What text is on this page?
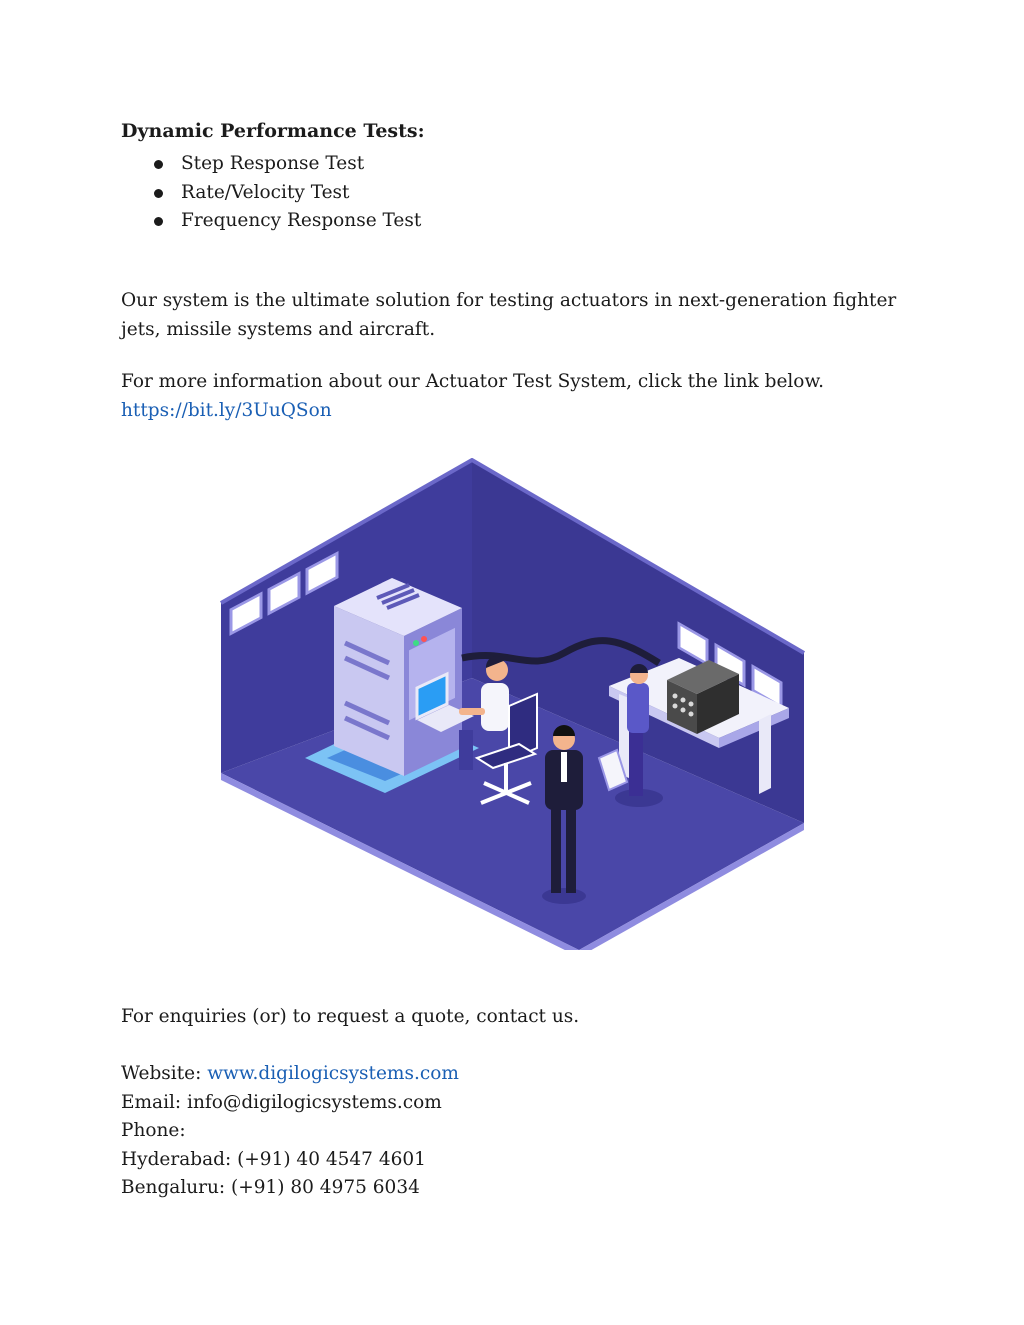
Dynamic Performance Tests:
Step Response Test
Rate/Velocity Test
Frequency Response Test

Our system is the ultimate solution for testing actuators in next-generation fighter jets, missile systems and aircraft.

For more information about our Actuator Test System, click the link below.
https://bit.ly/3UuQSon
For enquiries (or) to request a quote, contact us.
Website: www.digilogicsystems.com
Email: info@digilogicsystems.com
Phone:
Hyderabad: (+91) 40 4547 4601
Bengaluru: (+91) 80 4975 6034
